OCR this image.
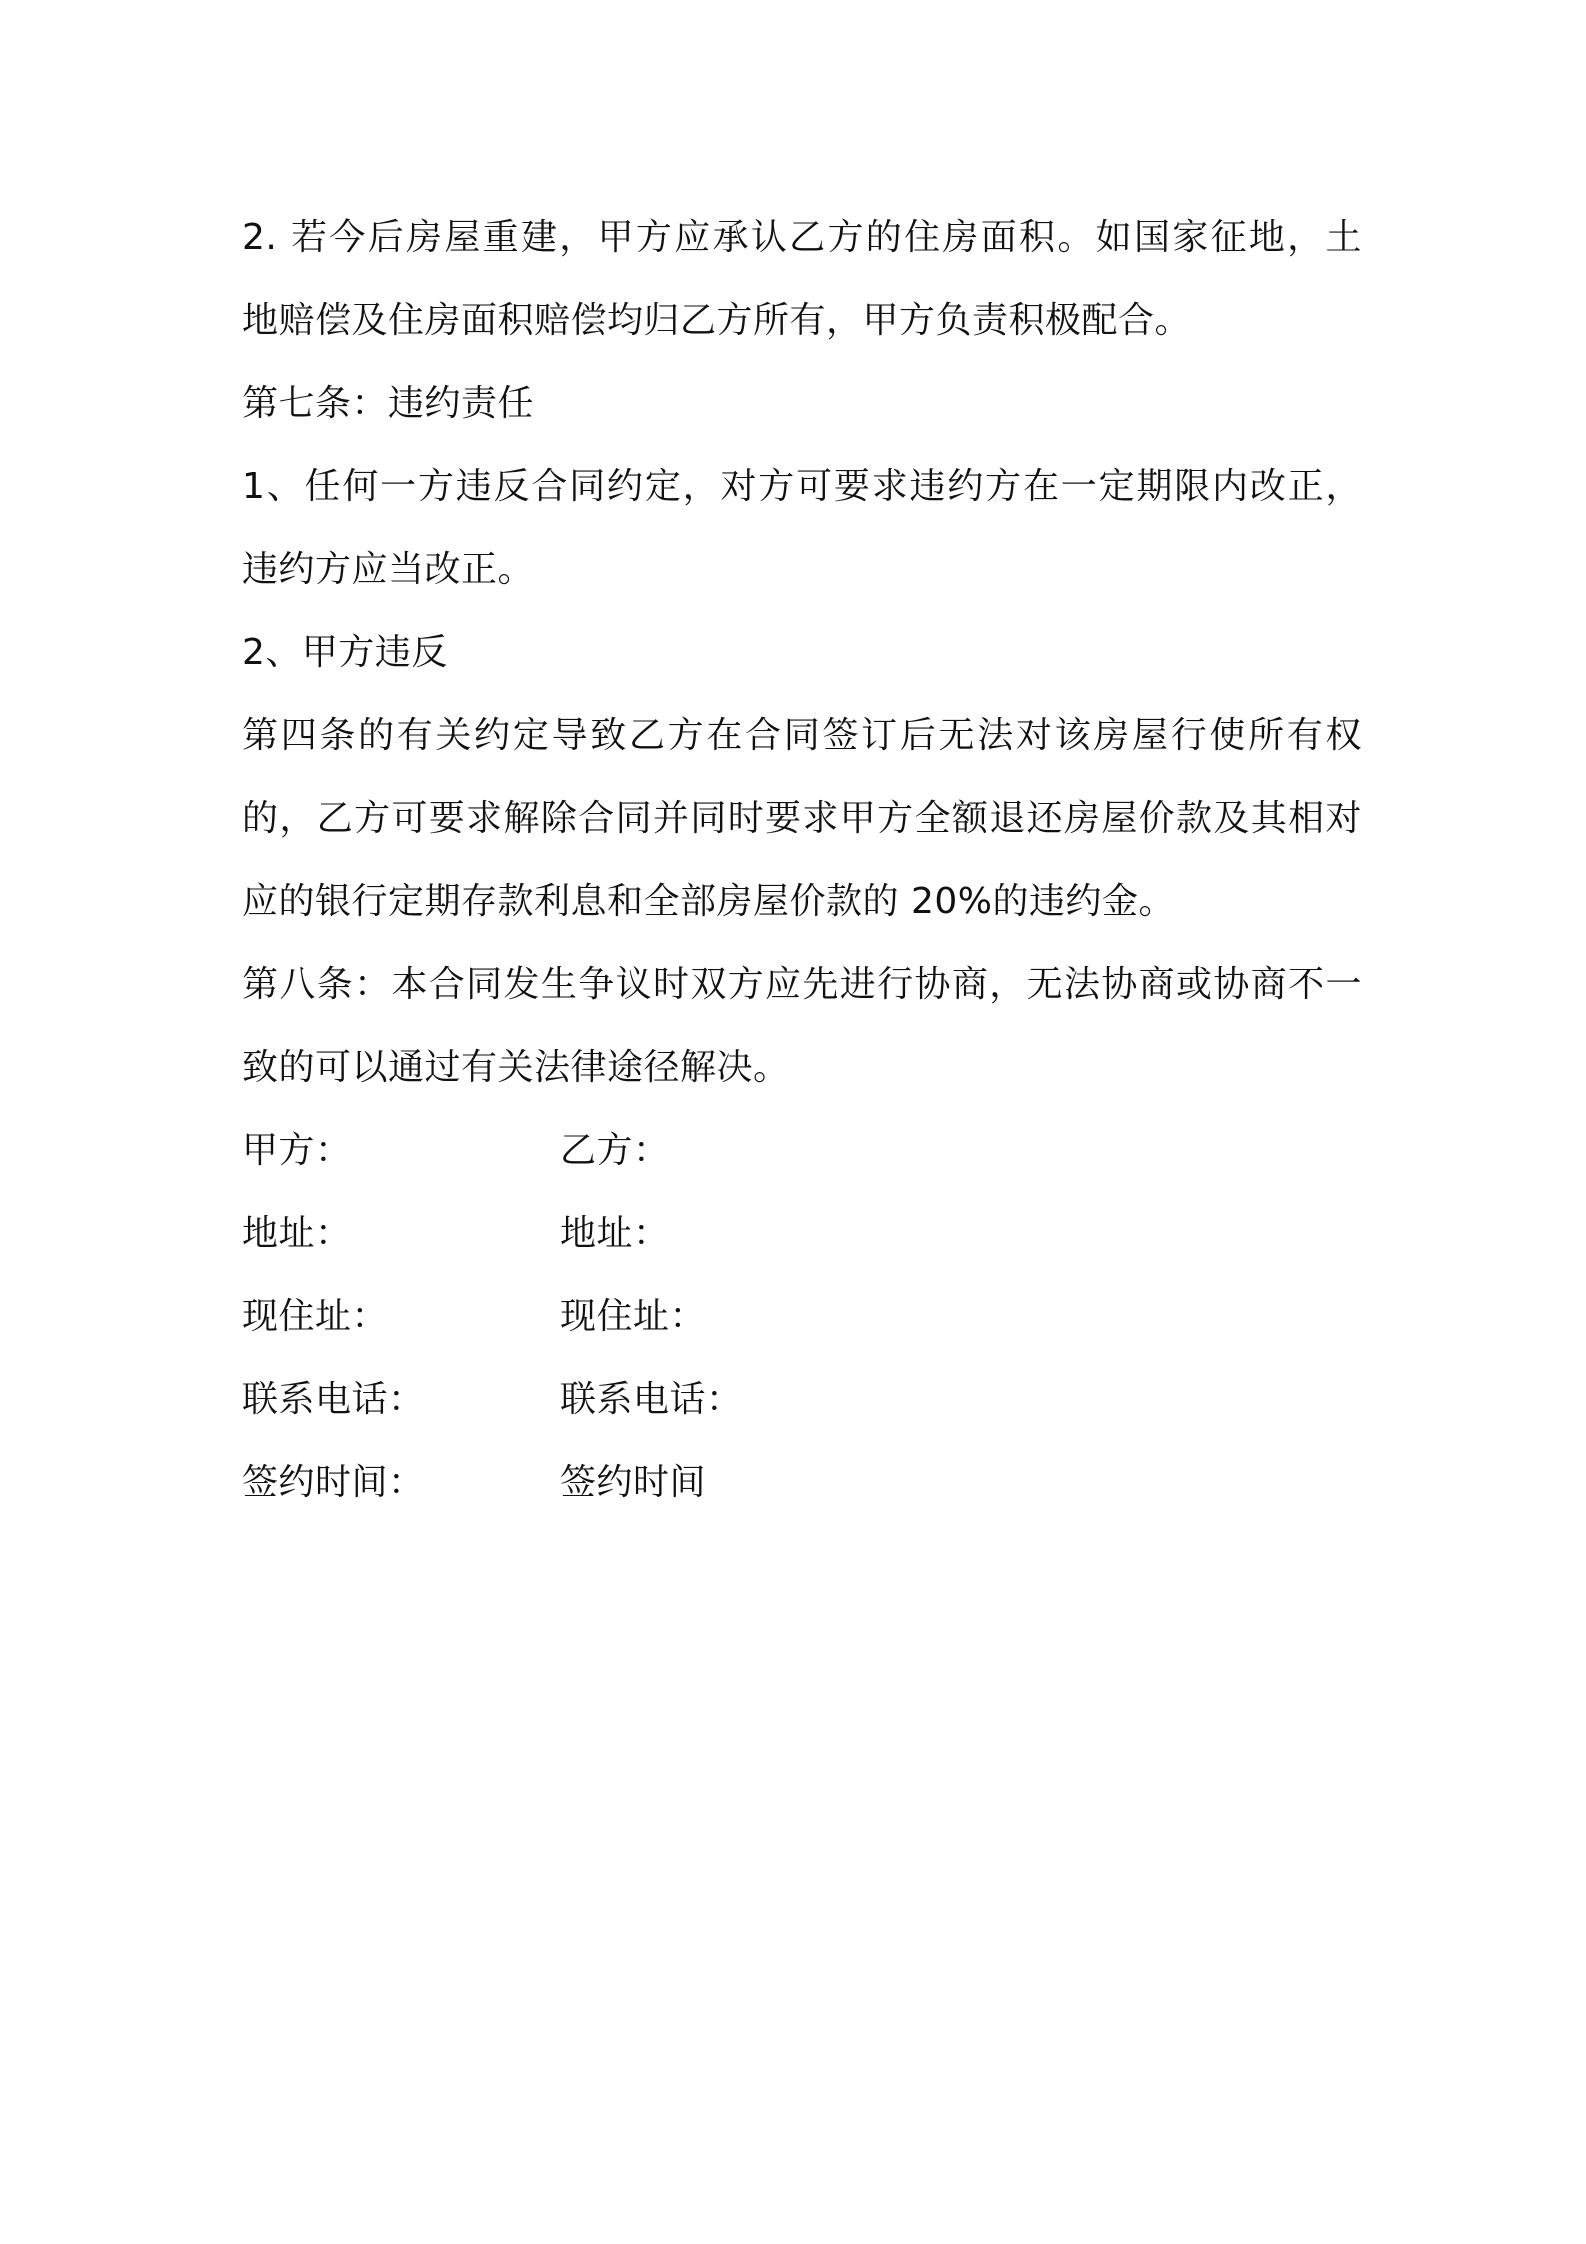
2. 若今后房屋重建，甲方应承认乙方的住房面积。如国家征地，土
地赔偿及住房面积赔偿均归乙方所有，甲方负责积极配合。
第七条：违约责任
1、任何一方违反合同约定，对方可要求违约方在一定期限内改正，
违约方应当改正。
2、甲方违反
第四条的有关约定导致乙方在合同签订后无法对该房屋行使所有权
的，乙方可要求解除合同并同时要求甲方全额退还房屋价款及其相对
应的银行定期存款利息和全部房屋价款的 20%的违约金。
第八条：本合同发生争议时双方应先进行协商，无法协商或协商不一
致的可以通过有关法律途径解决。
甲方：	乙方：
地址：	地址：
现住址：	现住址：
联系电话：	联系电话：
签约时间：	签约时间
